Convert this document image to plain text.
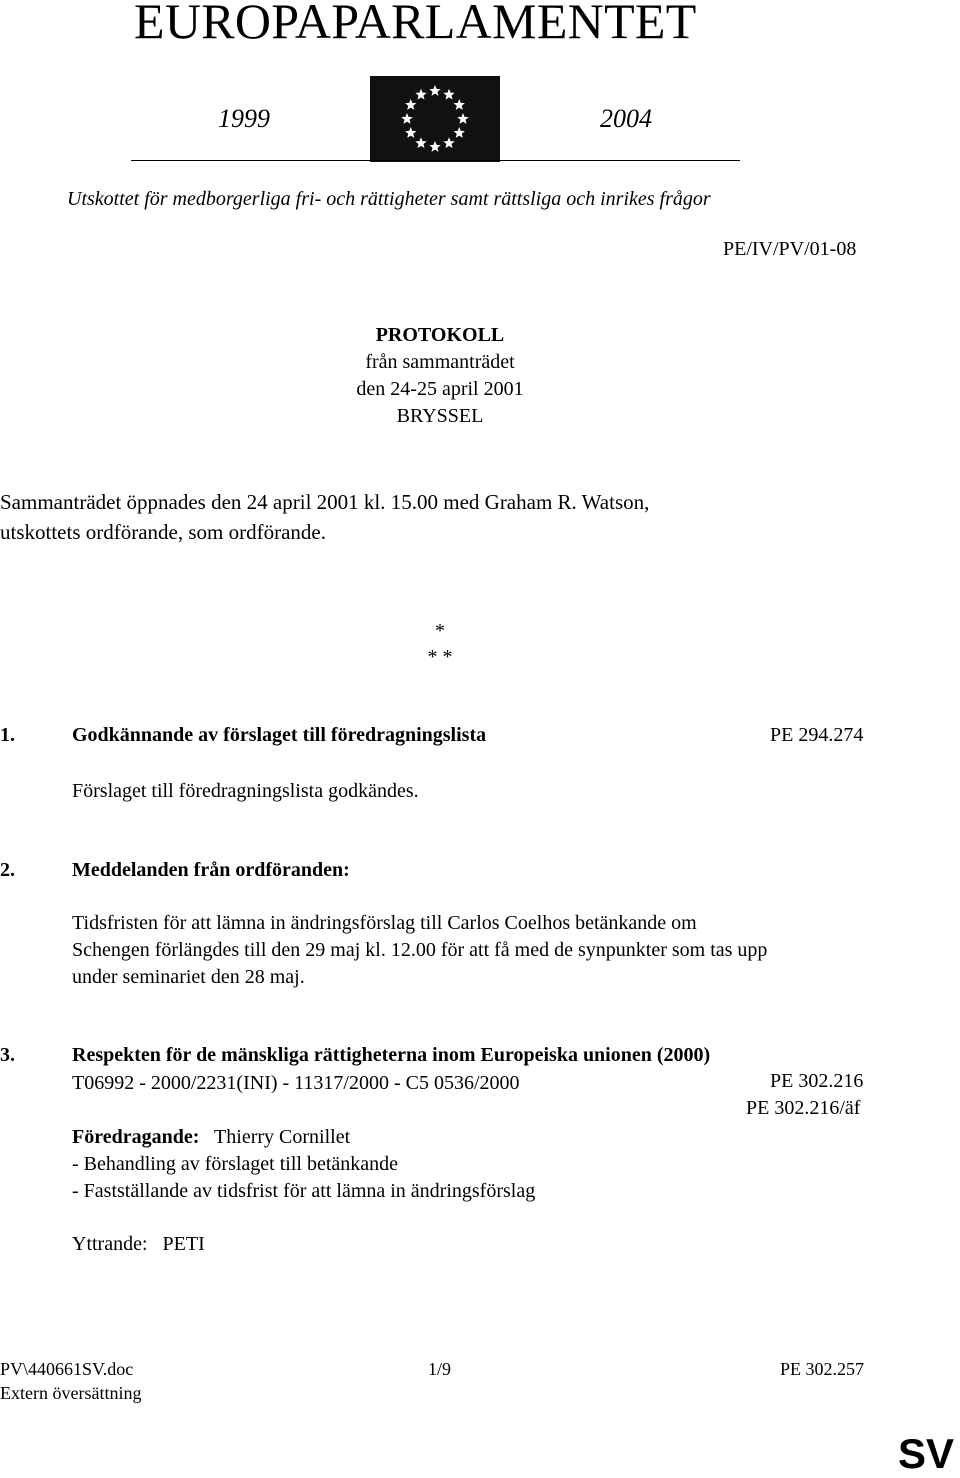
EUROPAPARLAMENTET
1999	2004
Utskottet för medborgerliga fri- och rättigheter samt rättsliga och inrikes frågor
PE/IV/PV/01-08
PROTOKOLL
från sammanträdet
den 24-25 april 2001
BRYSSEL
Sammanträdet öppnades den 24 april 2001 kl. 15.00 med Graham R. Watson,
utskottets ordförande, som ordförande.
*
* *
1.	Godkännande av förslaget till föredragningslista	PE 294.274
Förslaget till föredragningslista godkändes.
2.	Meddelanden från ordföranden:
Tidsfristen för att lämna in ändringsförslag till Carlos Coelhos betänkande om
Schengen förlängdes till den 29 maj kl. 12.00 för att få med de synpunkter som tas upp
under seminariet den 28 maj.
3.	Respekten för de mänskliga rättigheterna inom Europeiska unionen (2000)
T06992 - 2000/2231(INI) - 11317/2000 - C5 0536/2000	PE 302.216
PE 302.216/äf
Föredragande: Thierry Cornillet
- Behandling av förslaget till betänkande
- Fastställande av tidsfrist för att lämna in ändringsförslag
Yttrande: PETI
PV\440661SV.doc	1/9	PE 302.257
Extern översättning
SV
